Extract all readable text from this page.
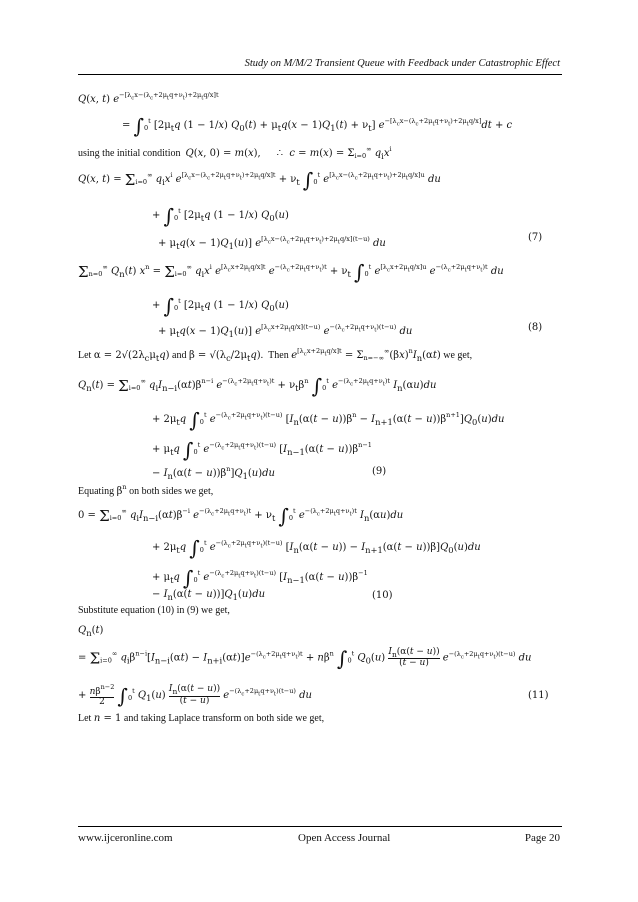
Study on M/M/2 Transient Queue with Feedback under Catastrophic Effect
Q(x, t) $e^{-[\lambda_cx-(\lambda_c+2\mu_tq+\nu_t)+2\mu_tq/x]t}$
= $\int_0^t$ [$2\mu_tq$ (1 − 1/x) $Q_0(t) + \mu_tq(x - 1)Q_1(t) + \nu_t$] $e^{-[\lambda_cx-(\lambda_c+2\mu_tq+\nu_t)+2\mu_tq/x]}dt + c$
using the initial condition Q(x, 0) = m(x),     ∴  $c = m(x) = \Sigma_{i=0}^\infty$ $q_ix^i$
Q(x, $t) = \Sigma_{i=0}^\infty$ $q_ix^i$ $e^{[\lambda_cx-(\lambda_c+2\mu_tq+\nu_t)+2\mu_tq/x]t} + \nu_t$ $\int_0^t$ $e^{[\lambda_cx-(\lambda_c+2\mu_tq+\nu_t)+2\mu_tq/x]u}$ du
+ $\int_0^t$ [$2\mu_tq$ (1 − 1/x) $Q_0(u)$
+ $\mu_tq(x - 1)Q_1(u)$] $e^{[\lambda_cx-(\lambda_c+2\mu_tq+\nu_t)+2\mu_tq/x](t-u)}$ du
(7)
$\Sigma_{n=0}^\infty$ $Q_n(t) x^n = \Sigma_{i=0}^\infty$ $q_ix^i$ $e^{[\lambda_cx+2\mu_tq/x]t}$ $e^{-(\lambda_c+2\mu_tq+\nu_t)t} + \nu_t$ $\int_0^t$ $e^{[\lambda_cx+2\mu_tq/x]u}$ $e^{-(\lambda_c+2\mu_tq+\nu_t)t}$ du
+ $\int_0^t$ [$2\mu_tq$ (1 − 1/x) $Q_0(u)$
+ $\mu_tq(x - 1)Q_1(u)$] $e^{[\lambda_cx+2\mu_tq/x](t-u)}$ $e^{-(\lambda_c+2\mu_tq+\nu_t)(t-u)}$ du	(8)
Let $\alpha = 2√(2\lambda_c\mu_tq)$ and $\beta = √(\lambda_c/2\mu_tq)$.  Then $e^{[\lambda_cx+2\mu_tq/x]t} = \Sigma_{n=-\infty}^\infty(\beta x)^nI_n(\alpha t)$ we get,
$Q_n(t) = \Sigma_{i=0}^\infty$ $q_iI_{n-i}(\alpha t)\beta^{n-i}$ $e^{-(\lambda_c+2\mu_tq+\nu_t)t} + \nu_t\beta^n$ $\int_0^t$ $e^{-(\lambda_c+2\mu_tq+\nu_t)t}$ $I_n(\alpha u)du$
+ $2\mu_tq$ $\int_0^t$ $e^{-(\lambda_c+2\mu_tq+\nu_t)(t-u)}$ $[I_n(\alpha(t - u))\beta^n - I_{n+1}(\alpha(t - u))\beta^{n+1}]Q_0(u)du$
+ $\mu_tq$ $\int_0^t$ $e^{-(\lambda_c+2\mu_tq+\nu_t)(t-u)}$ [$I_{n-1}(\alpha(t - u))\beta^{n-1}$
− $I_n(\alpha(t - u))\beta^n]Q_1(u)du$	(9)
Equating $\beta^n$ on both sides we get,
$0 = \Sigma_{i=0}^\infty$ $q_iI_{n-i}(\alpha t)\beta^{-i}$ $e^{-(\lambda_c+2\mu_tq+\nu_t)t} + \nu_t$ $\int_0^t$ $e^{-(\lambda_c+2\mu_tq+\nu_t)t}$ $I_n(\alpha u)du$
+ $2\mu_tq$ $\int_0^t$ $e^{-(\lambda_c+2\mu_tq+\nu_t)(t-u)}$ $[I_n(\alpha(t - u)) - I_{n+1}(\alpha(t - u))\beta]Q_0(u)du$
+ $\mu_tq$ $\int_0^t$ $e^{-(\lambda_c+2\mu_tq+\nu_t)(t-u)}$ [$I_{n-1}(\alpha(t - u))\beta^{-1}$
− $I_n(\alpha(t - u))]Q_1(u)du$	(10)
Substitute equation (10) in (9) we get,
$Q_n(t)$
= $\Sigma_{i=0}^\infty$ $q_i\beta^{n-i}[I_{n-i}(\alpha t) - I_{n+i}(\alpha t)]e^{-(\lambda_c+2\mu_tq+\nu_t)t} + n\beta^n$ $\int_0^t$ $Q_0(u) \frac{I_n(\alpha(t - u))}{(t - u)} e^{-(\lambda_c+2\mu_tq+\nu_t)(t-u)}$ du
+ $n\beta^{n-2}$
2 $\int_0^t$ $Q_1(u) \frac{I_n(\alpha(t - u))}{(t - u)} e^{-(\lambda_c+2\mu_tq+\nu_t)(t-u)}$ du	(11)
Let n = 1 and taking Laplace transform on both side we get,
www.ijceronline.com	Open Access Journal	Page 20
